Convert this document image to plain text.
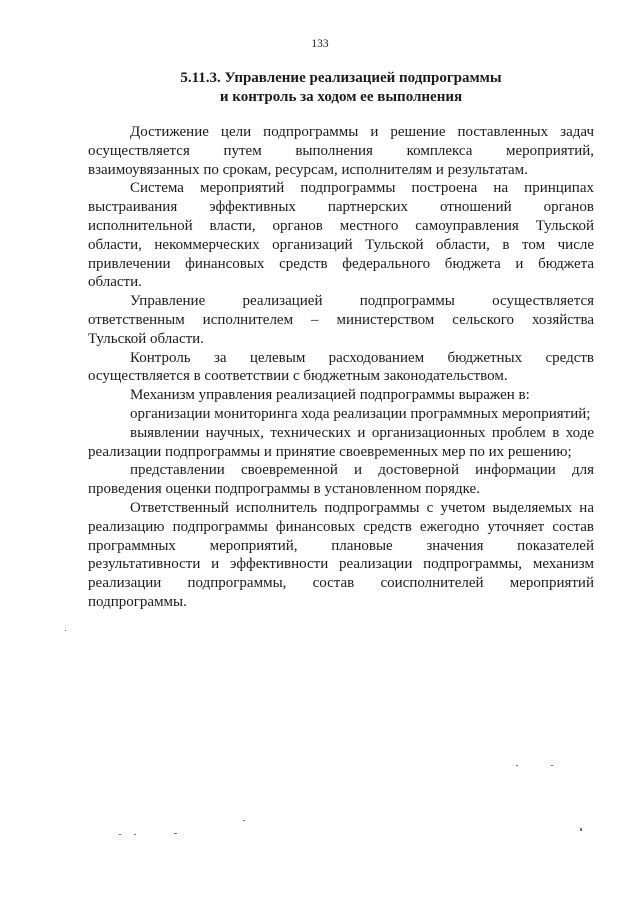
133
5.11.3. Управление реализацией подпрограммы
и контроль за ходом ее выполнения
Достижение цели подпрограммы и решение поставленных задач
осуществляется путем выполнения комплекса мероприятий,
взаимоувязанных по срокам, ресурсам, исполнителям и результатам.
Система мероприятий подпрограммы построена на принципах
выстраивания эффективных партнерских отношений органов
исполнительной власти, органов местного самоуправления Тульской
области, некоммерческих организаций Тульской области, в том числе
привлечении финансовых средств федерального бюджета и бюджета
области.
Управление реализацией подпрограммы осуществляется
ответственным исполнителем – министерством сельского хозяйства
Тульской области.
Контроль за целевым расходованием бюджетных средств
осуществляется в соответствии с бюджетным законодательством.
Механизм управления реализацией подпрограммы выражен в:
организации мониторинга хода реализации программных мероприятий;
выявлении научных, технических и организационных проблем в ходе
реализации подпрограммы и принятие своевременных мер по их решению;
представлении своевременной и достоверной информации для
проведения оценки подпрограммы в установленном порядке.
Ответственный исполнитель подпрограммы с учетом выделяемых на
реализацию подпрограммы финансовых средств ежегодно уточняет состав
программных мероприятий, плановые значения показателей
результативности и эффективности реализации подпрограммы, механизм
реализации подпрограммы, состав соисполнителей мероприятий
подпрограммы.
